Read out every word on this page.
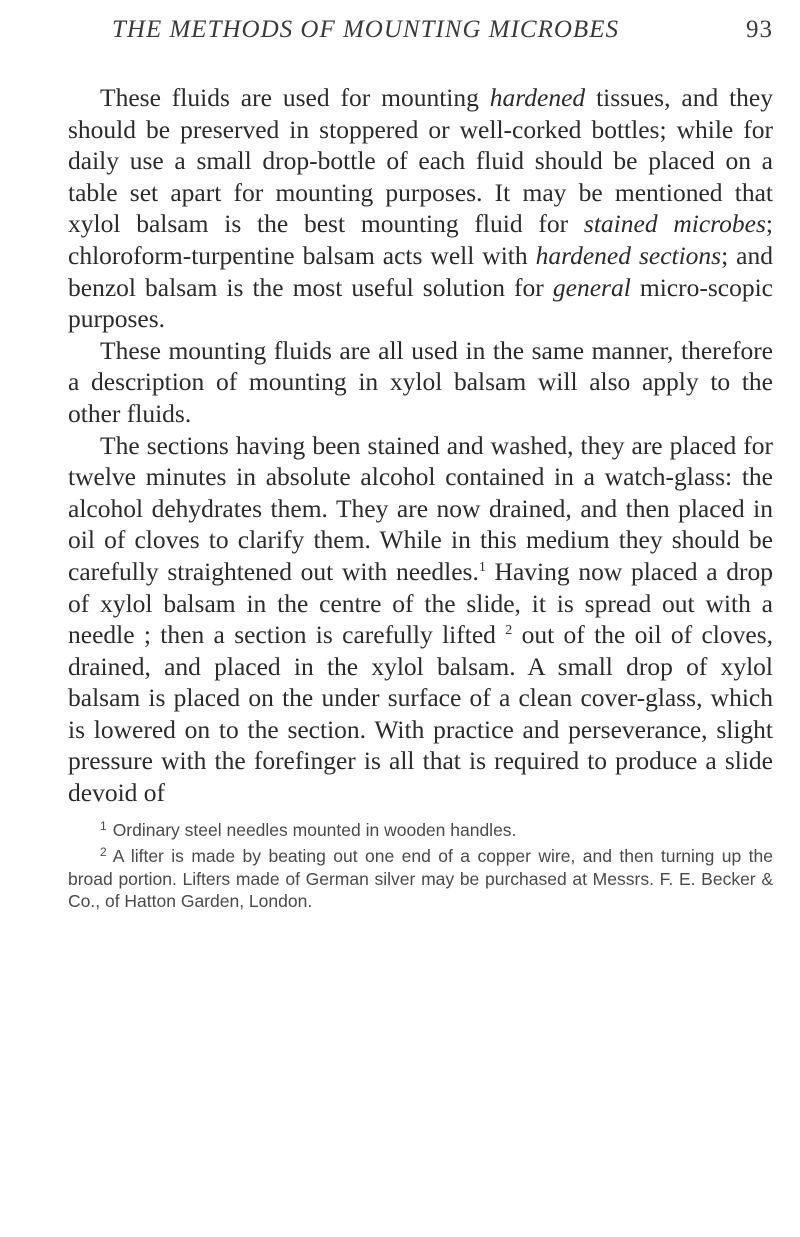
THE METHODS OF MOUNTING MICROBES	93

These fluids are used for mounting hardened tissues, and they should be preserved in stoppered or well-corked bottles; while for daily use a small drop-bottle of each fluid should be placed on a table set apart for mounting purposes. It may be mentioned that xylol balsam is the best mounting fluid for stained microbes; chloroform-turpentine balsam acts well with hardened sections; and benzol balsam is the most useful solution for general micro-scopic purposes.

These mounting fluids are all used in the same manner, therefore a description of mounting in xylol balsam will also apply to the other fluids.

The sections having been stained and washed, they are placed for twelve minutes in absolute alcohol contained in a watch-glass: the alcohol dehydrates them. They are now drained, and then placed in oil of cloves to clarify them. While in this medium they should be carefully straightened out with needles.$^1$ Having now placed a drop of xylol balsam in the centre of the slide, it is spread out with a needle ; then a section is carefully lifted $^2$ out of the oil of cloves, drained, and placed in the xylol balsam. A small drop of xylol balsam is placed on the under surface of a clean cover-glass, which is lowered on to the section. With practice and perseverance, slight pressure with the forefinger is all that is required to produce a slide devoid of

$^1$ Ordinary steel needles mounted in wooden handles.

$^2$ A lifter is made by beating out one end of a copper wire, and then turning up the broad portion. Lifters made of German silver may be purchased at Messrs. F. E. Becker & Co., of Hatton Garden, London.
